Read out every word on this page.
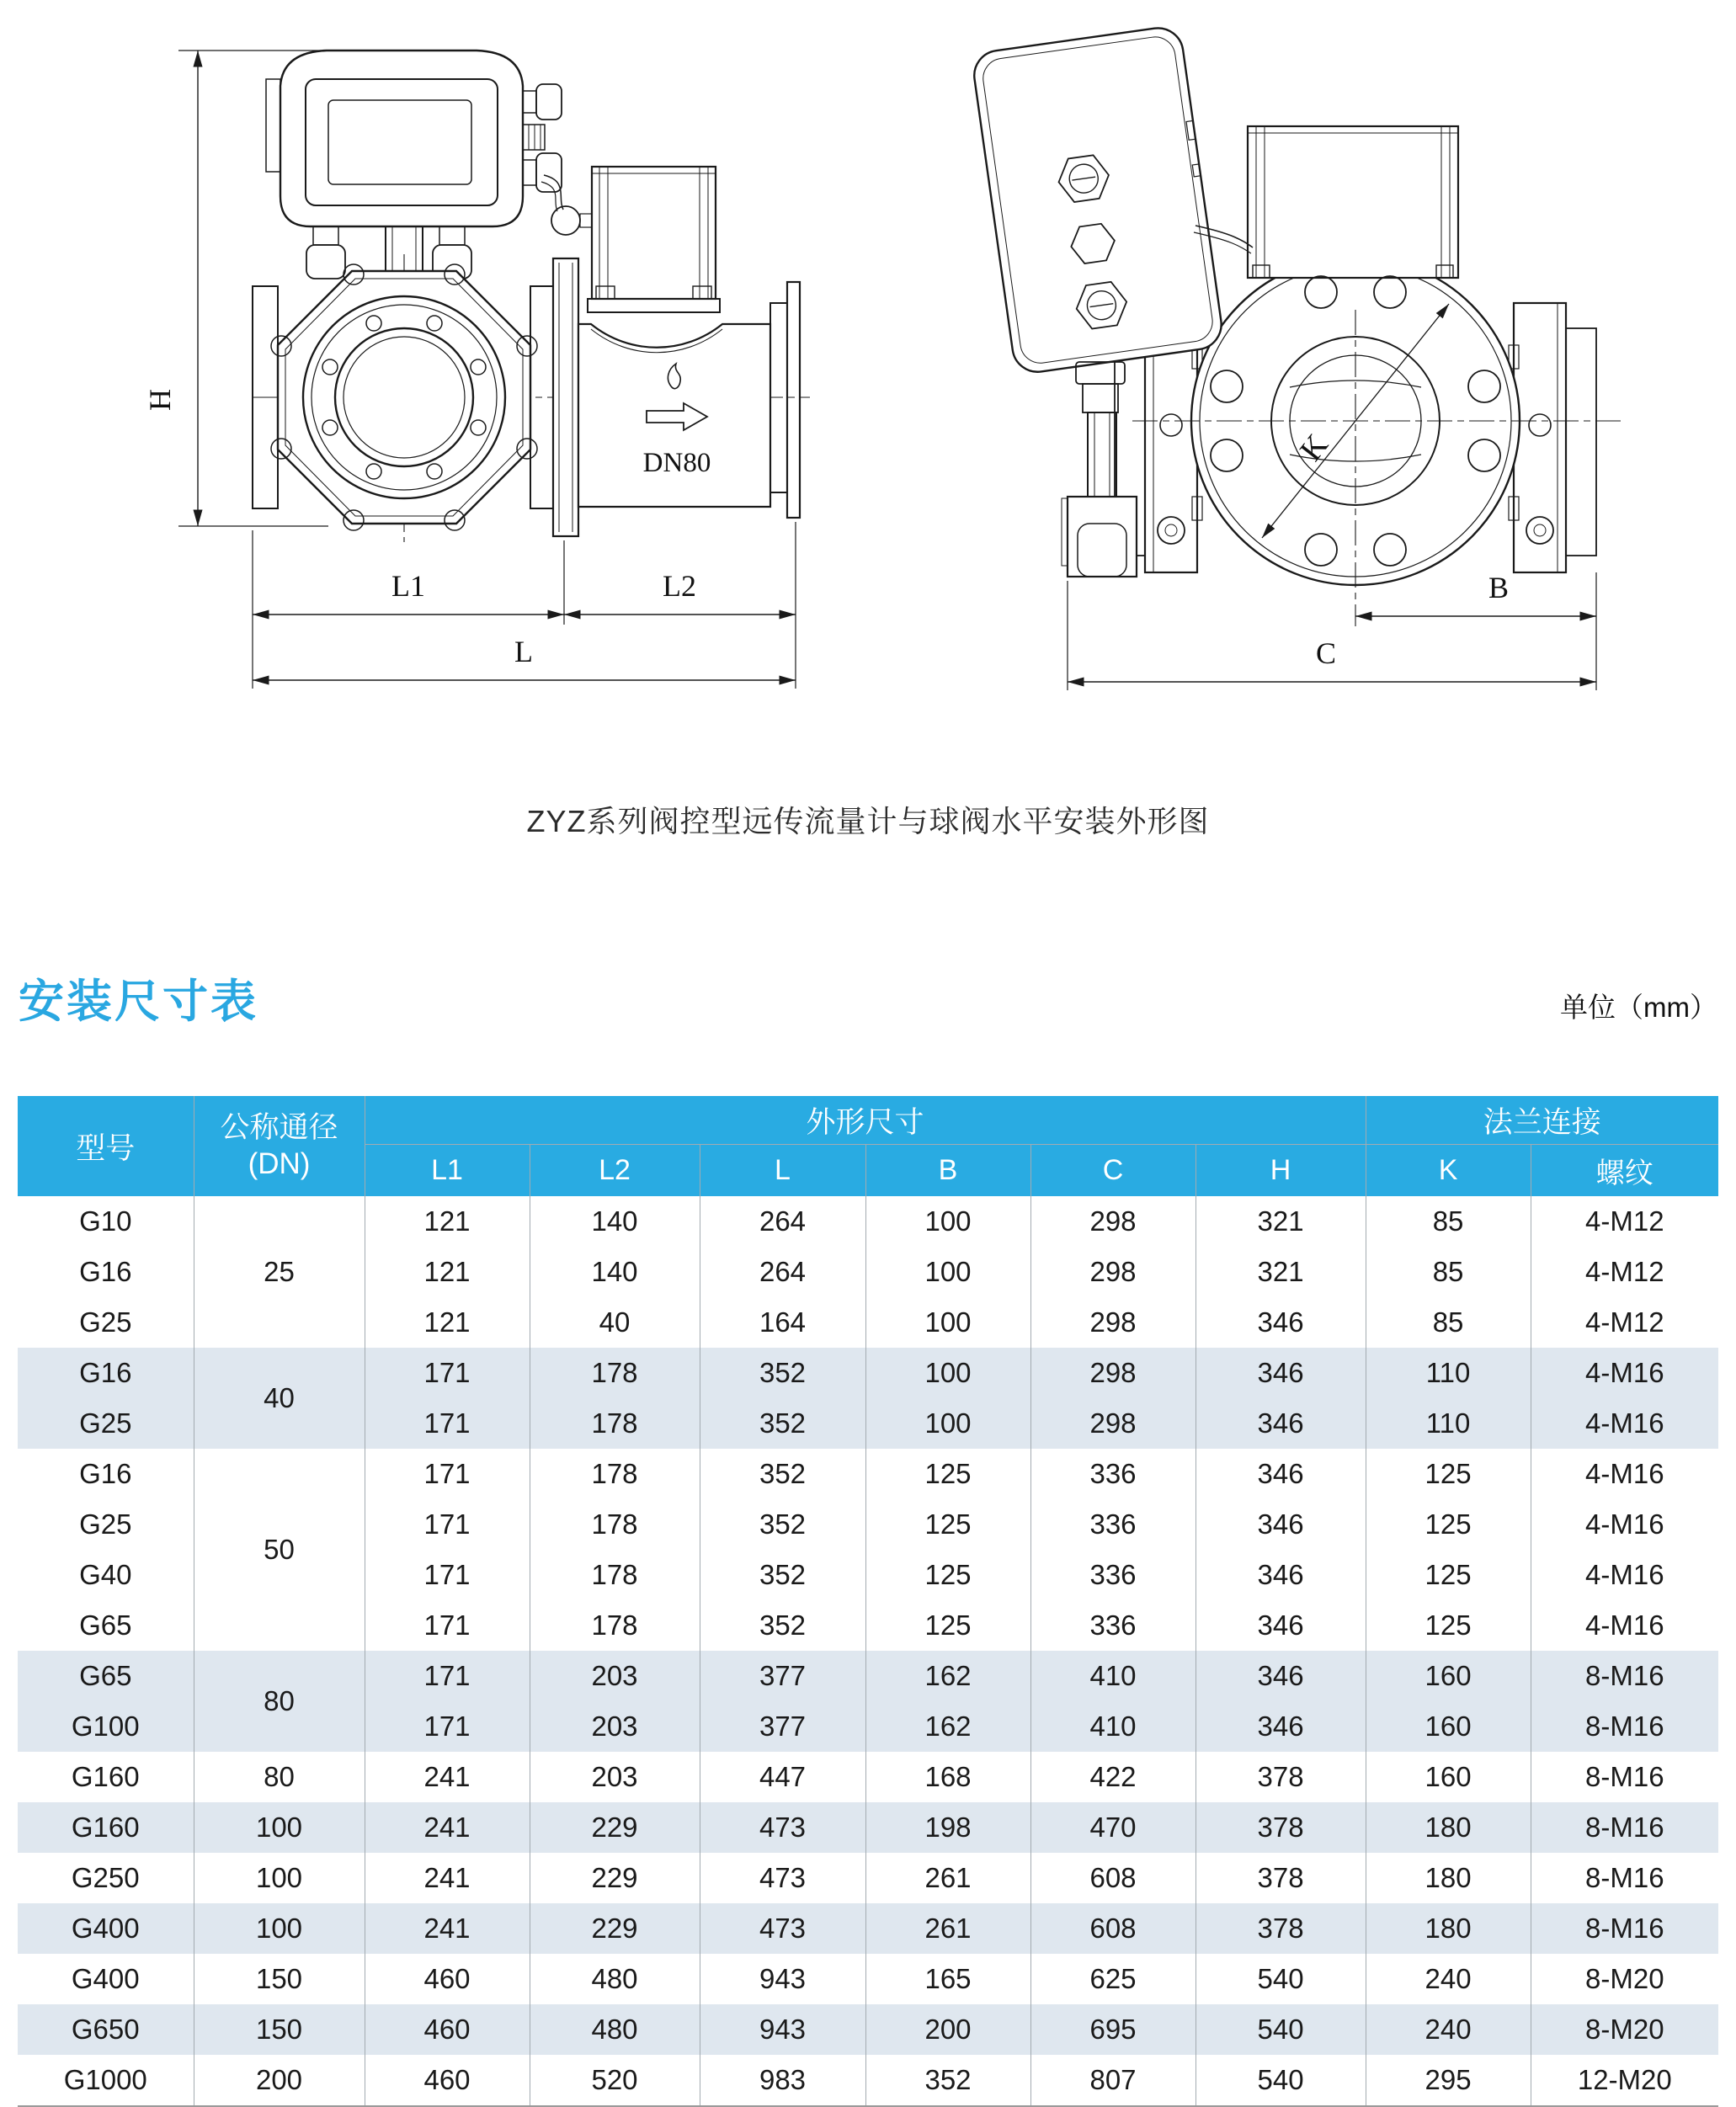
DN80
H
L1	L2
L
K
B
C
ZYZ系列阀控型远传流量计与球阀水平安装外形图
安装尺寸表	单位（mm）
型号	公称通径
(DN)	外形尺寸						法兰连接	
		L1	L2	L	B	C	H	K	螺纹
G10	25	121	140	264	100	298	321	85	4-M12
G16		121	140	264	100	298	321	85	4-M12
G25		121	40	164	100	298	346	85	4-M12
G16	40	171	178	352	100	298	346	110	4-M16
G25		171	178	352	100	298	346	110	4-M16
G16	50	171	178	352	125	336	346	125	4-M16
G25		171	178	352	125	336	346	125	4-M16
G40		171	178	352	125	336	346	125	4-M16
G65		171	178	352	125	336	346	125	4-M16
G65	80	171	203	377	162	410	346	160	8-M16
G100		171	203	377	162	410	346	160	8-M16
G160	80	241	203	447	168	422	378	160	8-M16
G160	100	241	229	473	198	470	378	180	8-M16
G250	100	241	229	473	261	608	378	180	8-M16
G400	100	241	229	473	261	608	378	180	8-M16
G400	150	460	480	943	165	625	540	240	8-M20
G650	150	460	480	943	200	695	540	240	8-M20
G1000	200	460	520	983	352	807	540	295	12-M20
